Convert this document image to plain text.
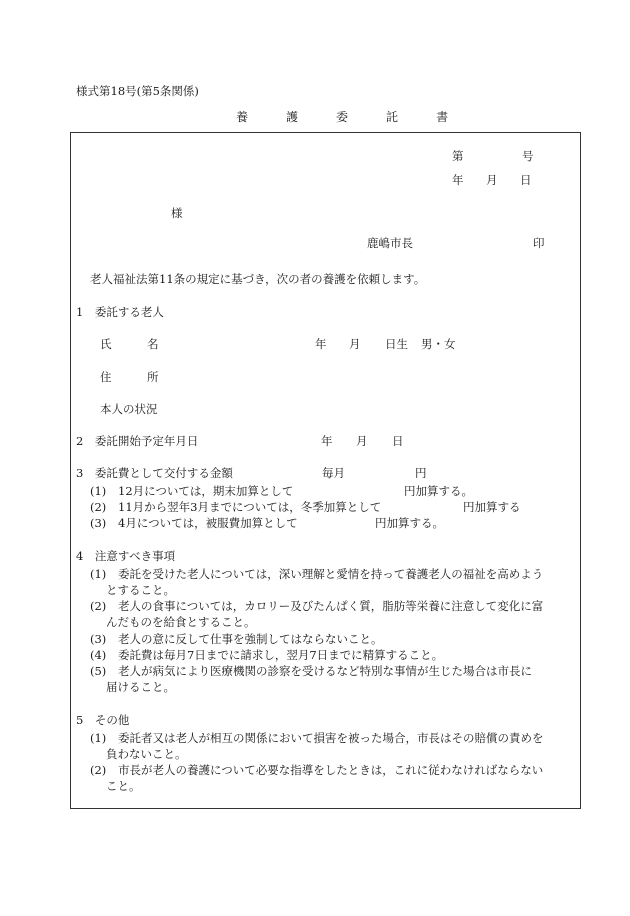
様式第18号(第5条関係)
養	護	委	託	書
第	号
年 月 日
様
鹿嶋市長	印
老人福祉法第11条の規定に基づき，次の者の養護を依頼します。
1　委託する老人
氏	名	年 月 日生 男・女
住	所
本人の状況
2　委託開始予定年月日	年 月 日
3　委託費として交付する金額	毎月	円
(1) 12月については，期末加算として	円加算する。
(2) 11月から翌年3月までについては，冬季加算として	円加算する
(3) 4月については，被服費加算として	円加算する。
4　注意すべき事項
(1) 委託を受けた老人については，深い理解と愛情を持って養護老人の福祉を高めよう
とすること。
(2) 老人の食事については，カロリー及びたんぱく質，脂肪等栄養に注意して変化に富
んだものを給食とすること。
(3) 老人の意に反して仕事を強制してはならないこと。
(4) 委託費は毎月7日までに請求し，翌月7日までに精算すること。
(5) 老人が病気により医療機関の診察を受けるなど特別な事情が生じた場合は市長に
届けること。
5　その他
(1) 委託者又は老人が相互の関係において損害を被った場合，市長はその賠償の責めを
負わないこと。
(2) 市長が老人の養護について必要な指導をしたときは，これに従わなければならない
こと。
